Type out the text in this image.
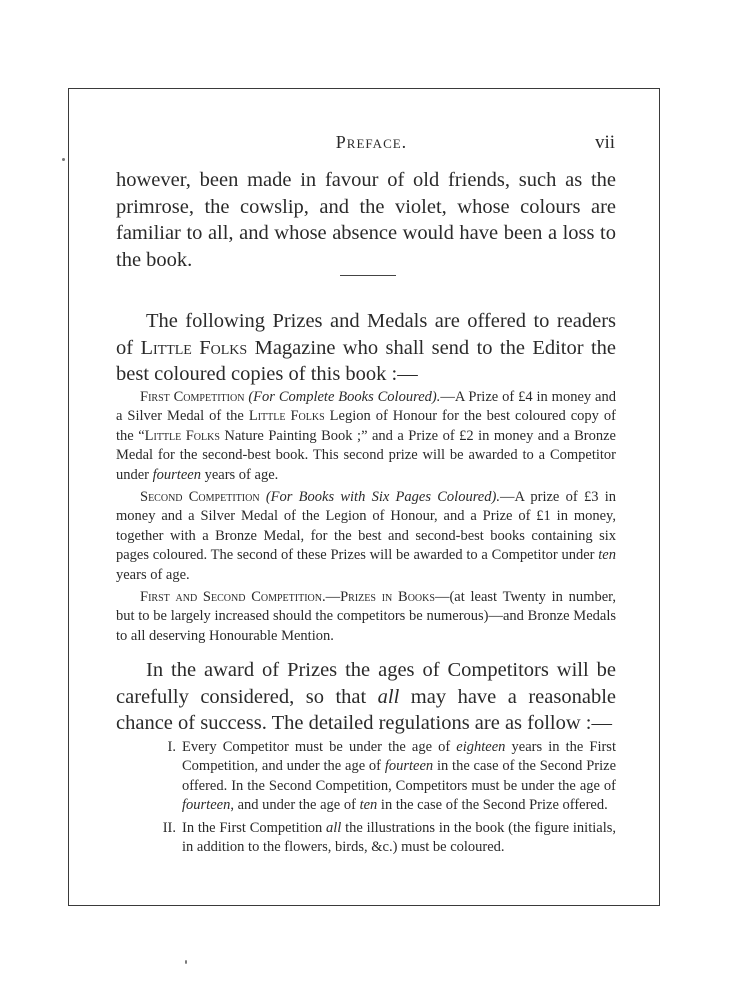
Preface.	vii

however, been made in favour of old friends, such as the primrose, the cowslip, and the violet, whose colours are familiar to all, and whose absence would have been a loss to the book.

The following Prizes and Medals are offered to readers of Little Folks Magazine who shall send to the Editor the best coloured copies of this book :—

First Competition (For Complete Books Coloured).—A Prize of £4 in money and a Silver Medal of the Little Folks Legion of Honour for the best coloured copy of the “Little Folks Nature Painting Book ;” and a Prize of £2 in money and a Bronze Medal for the second-best book. This second prize will be awarded to a Competitor under fourteen years of age.

Second Competition (For Books with Six Pages Coloured).—A prize of £3 in money and a Silver Medal of the Legion of Honour, and a Prize of £1 in money, together with a Bronze Medal, for the best and second-best books containing six pages coloured. The second of these Prizes will be awarded to a Competitor under ten years of age.

First and Second Competition.—Prizes in Books—(at least Twenty in number, but to be largely increased should the competitors be numerous)—and Bronze Medals to all deserving Honourable Mention.

In the award of Prizes the ages of Competitors will be carefully considered, so that all may have a reasonable chance of success. The detailed regulations are as follow :—

I. Every Competitor must be under the age of eighteen years in the First Competition, and under the age of fourteen in the case of the Second Prize offered. In the Second Competition, Competitors must be under the age of fourteen, and under the age of ten in the case of the Second Prize offered.
II. In the First Competition all the illustrations in the book (the figure initials, in addition to the flowers, birds, &c.) must be coloured.
